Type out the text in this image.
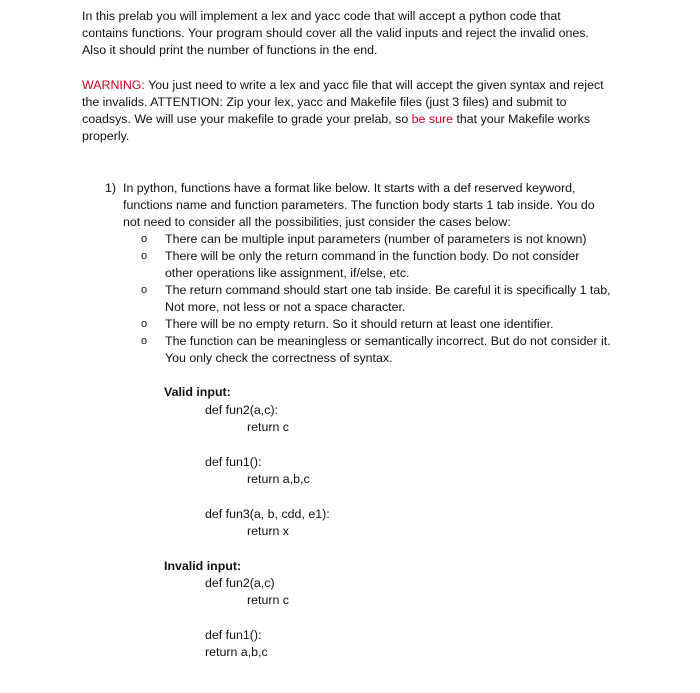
In this prelab you will implement a lex and yacc code that will accept a python code that

contains functions. Your program should cover all the valid inputs and reject the invalid ones.

Also it should print the number of functions in the end.

WARNING: You just need to write a lex and yacc file that will accept the given syntax and reject

the invalids. ATTENTION: Zip your lex, yacc and Makefile files (just 3 files) and submit to

coadsys. We will use your makefile to grade your prelab, so be sure that your Makefile works

properly.

1) In python, functions have a format like below. It starts with a def reserved keyword,

functions name and function parameters. The function body starts 1 tab inside. You do

not need to consider all the possibilities, just consider the cases below:

o There can be multiple input parameters (number of parameters is not known)

o There will be only the return command in the function body. Do not consider

other operations like assignment, if/else, etc.

o The return command should start one tab inside. Be careful it is specifically 1 tab,

Not more, not less or not a space character.

o There will be no empty return. So it should return at least one identifier.

o The function can be meaningless or semantically incorrect. But do not consider it.

You only check the correctness of syntax.

Valid input:
def fun2(a,c):
return c
def fun1():
return a,b,c
def fun3(a, b, cdd, e1):
return x
Invalid input:
def fun2(a,c)
return c
def fun1():
return a,b,c
